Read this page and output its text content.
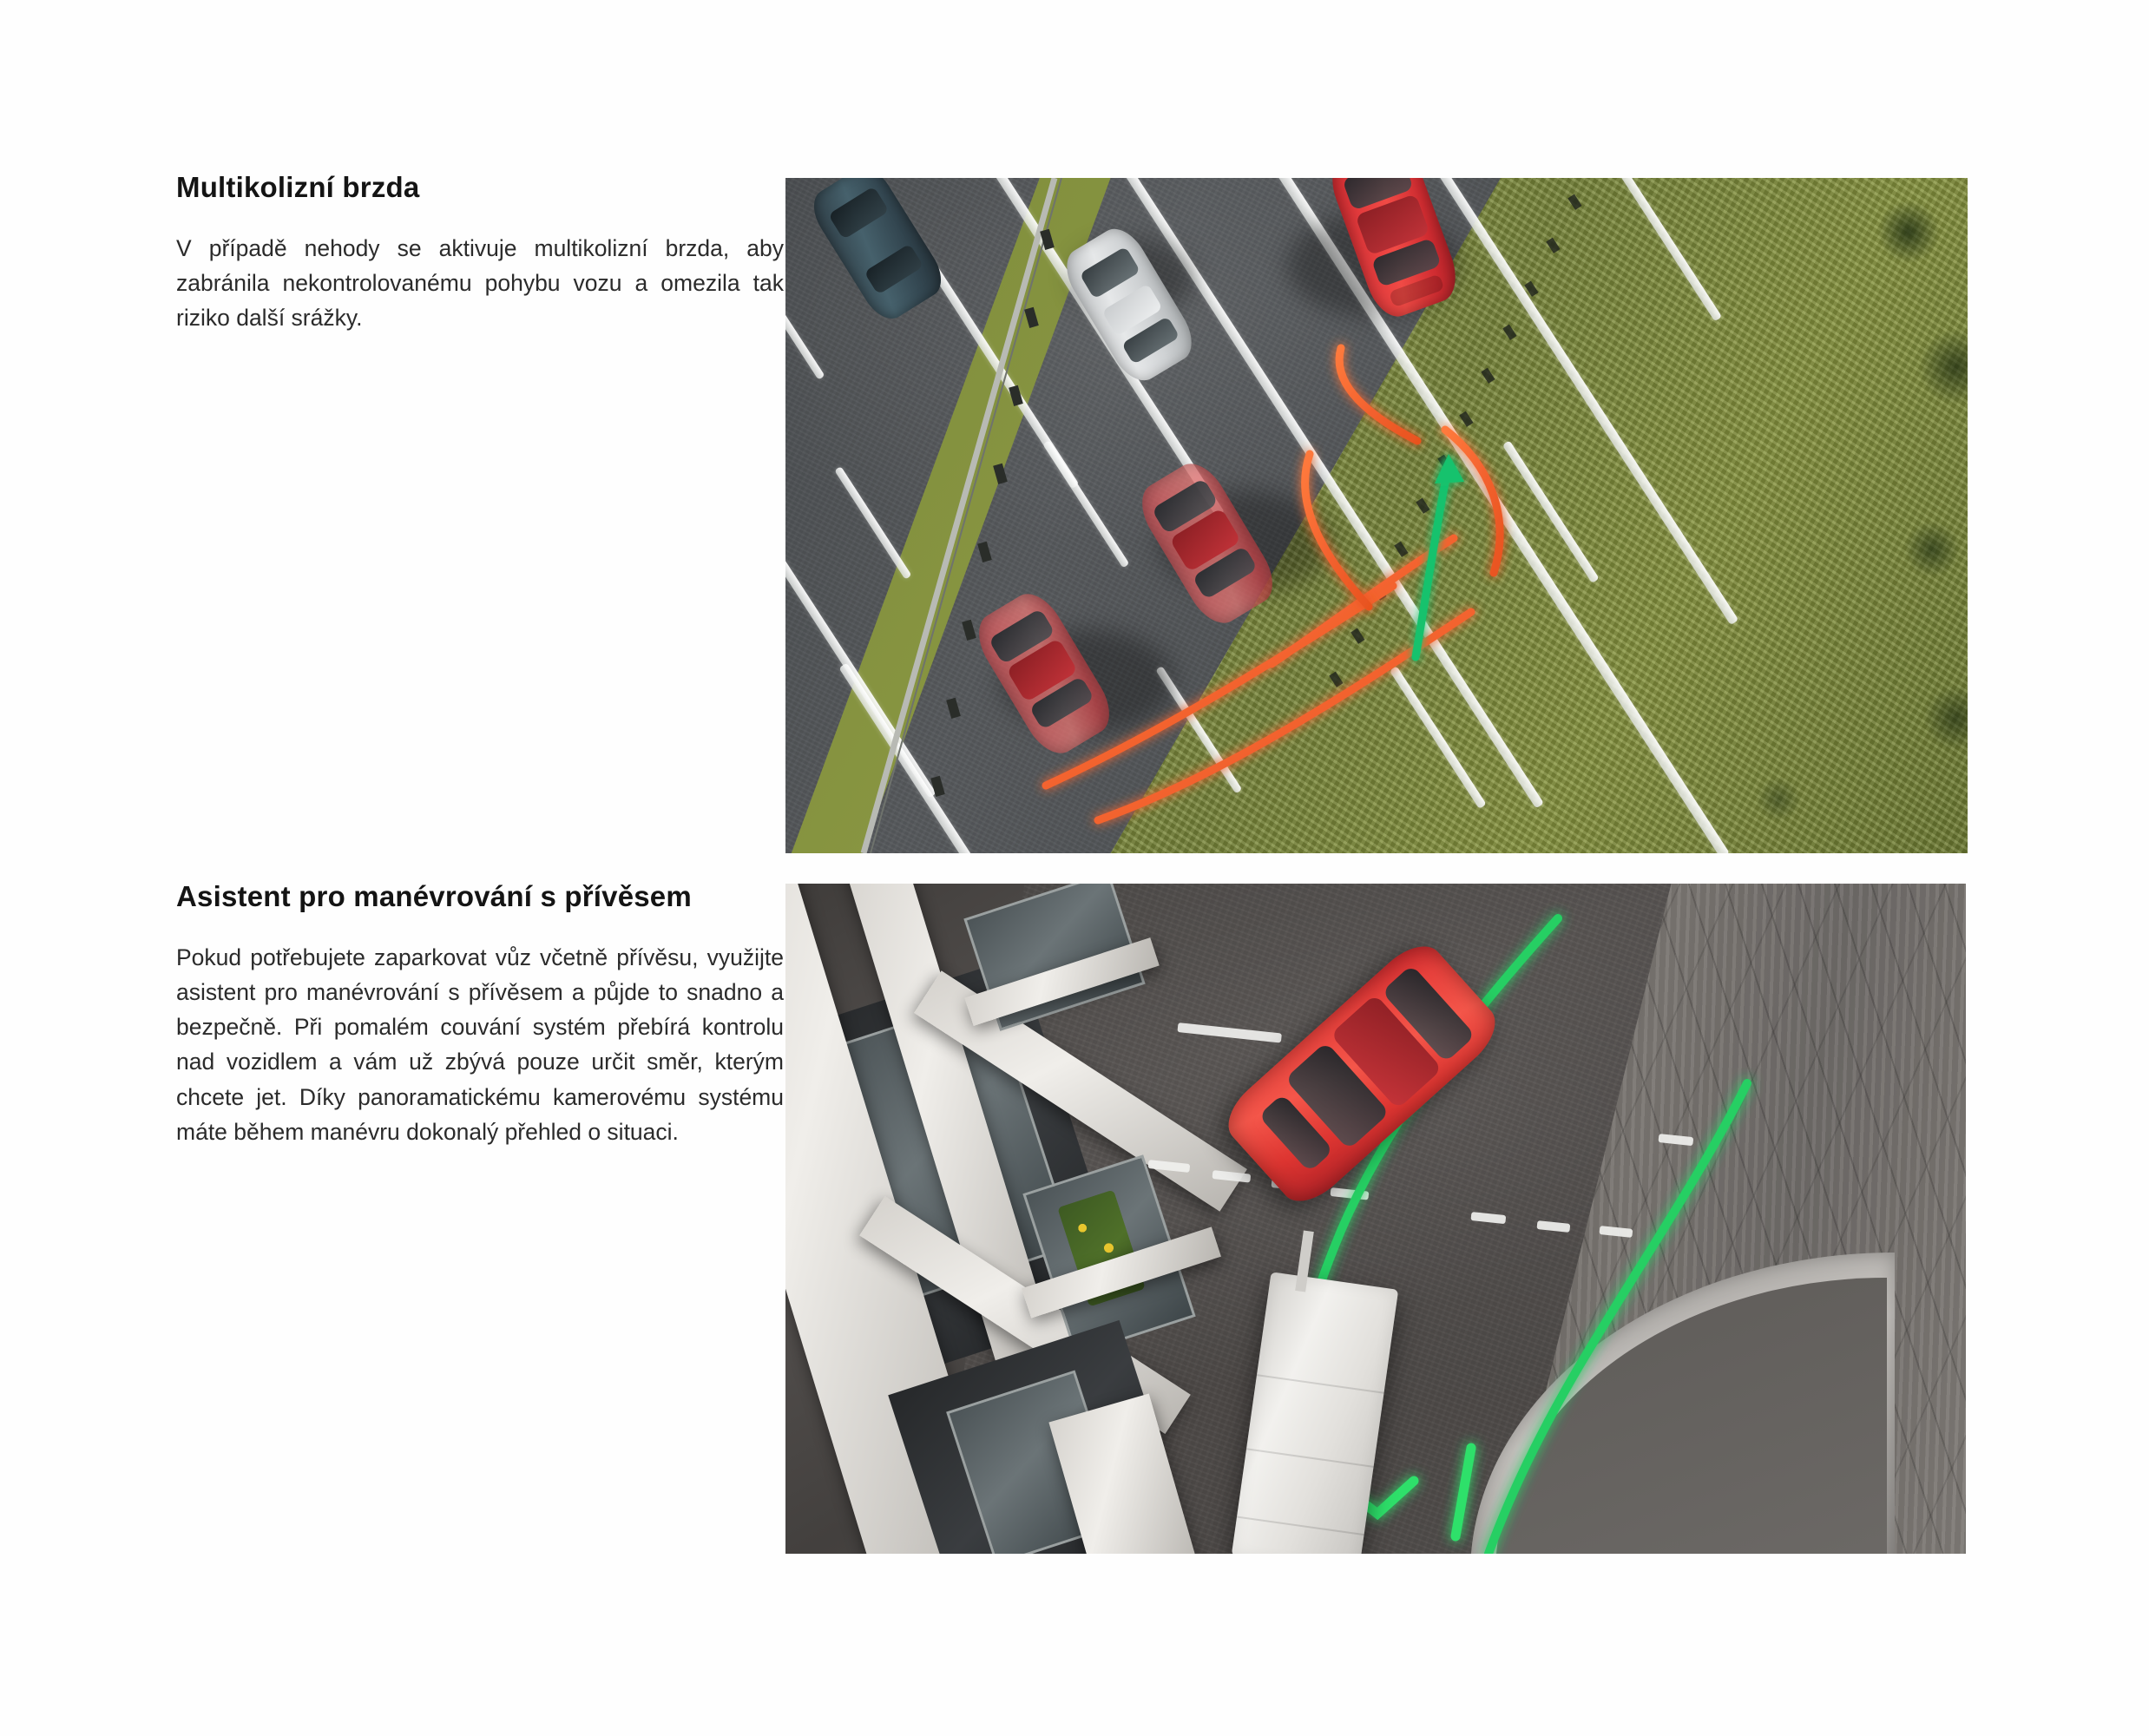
Multikolizní brzda

V případě nehody se aktivuje multikolizní brzda, aby zabránila nekontrolovanému pohybu vozu a omezila tak riziko další srážky.

Asistent pro manévrování s přívěsem

Pokud potřebujete zaparkovat vůz včetně přívěsu, využijte asistent pro manévrování s přívěsem a půjde to snadno a bezpečně. Při pomalém couvání systém přebírá kontrolu nad vozidlem a vám už zbývá pouze určit směr, kterým chcete jet. Díky panoramatickému kamerovému systému máte během manévru dokonalý přehled o situaci.
